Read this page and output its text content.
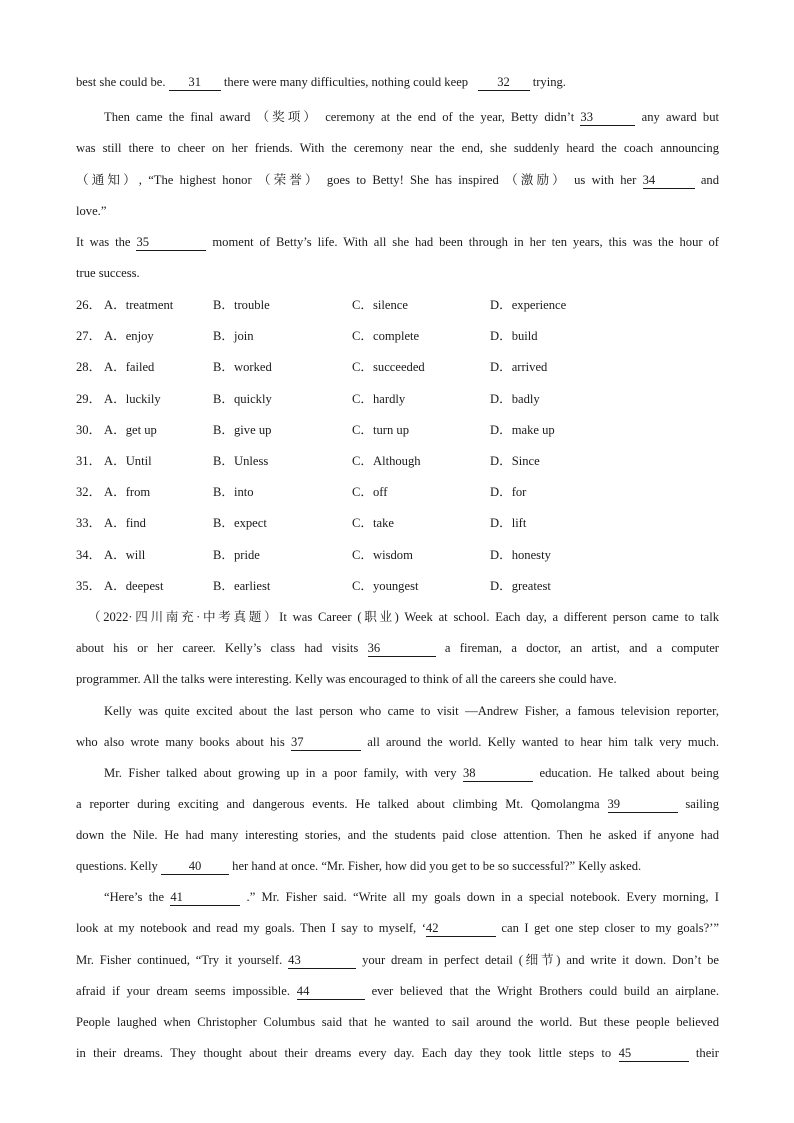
best she could be. 31 there were many difficulties, nothing could keep 32 trying.
Then came the final award （奖项） ceremony at the end of the year, Betty didn’t 33	any award but
was still there to cheer on her friends. With the ceremony near the end, she suddenly heard the coach announcing
（通知）, “The highest honor （荣誉） goes to Betty! She has inspired （激励） us with her 34	and
love.”
It was the 35	moment of Betty’s life. With all she had been through in her ten years, this was the hour of
true success.
26． A．treatment	B．trouble	C．silence	D．experience
27． A．enjoy	B．join	C．complete	D．build
28． A．failed	B．worked	C．succeeded	D．arrived
29． A．luckily	B．quickly	C．hardly	D．badly
30． A．get up	B．give up	C．turn up	D．make up
31． A．Until	B．Unless	C．Although	D．Since
32． A．from	B．into	C．off	D．for
33． A．find	B．expect	C．take	D．lift
34． A．will	B．pride	C．wisdom	D．honesty
35． A．deepest	B．earliest	C．youngest	D．greatest
（2022·四川南充·中考真题）It was Career (职业) Week at school. Each day, a different person came to talk
about his or her career. Kelly’s class had visits 36	a fireman, a doctor, an artist, and a computer
programmer. All the talks were interesting. Kelly was encouraged to think of all the careers she could have.
Kelly was quite excited about the last person who came to visit —Andrew Fisher, a famous television reporter,
who also wrote many books about his 37	all around the world. Kelly wanted to hear him talk very much.
Mr. Fisher talked about growing up in a poor family, with very 38	education. He talked about being
a reporter during exciting and dangerous events. He talked about climbing Mt. Qomolangma 39	sailing
down the Nile. He had many interesting stories, and the students paid close attention. Then he asked if anyone had
questions. Kelly 40 her hand at once. “Mr. Fisher, how did you get to be so successful?” Kelly asked.
“Here’s the 41	.” Mr. Fisher said. “Write all my goals down in a special notebook. Every morning, I
look at my notebook and read my goals. Then I say to myself, ‘42	can I get one step closer to my goals?’”
Mr. Fisher continued, “Try it yourself. 43	your dream in perfect detail (细节) and write it down. Don’t be
afraid if your dream seems impossible. 44	ever believed that the Wright Brothers could build an airplane.
People laughed when Christopher Columbus said that he wanted to sail around the world. But these people believed
in their dreams. They thought about their dreams every day. Each day they took little steps to 45	their
